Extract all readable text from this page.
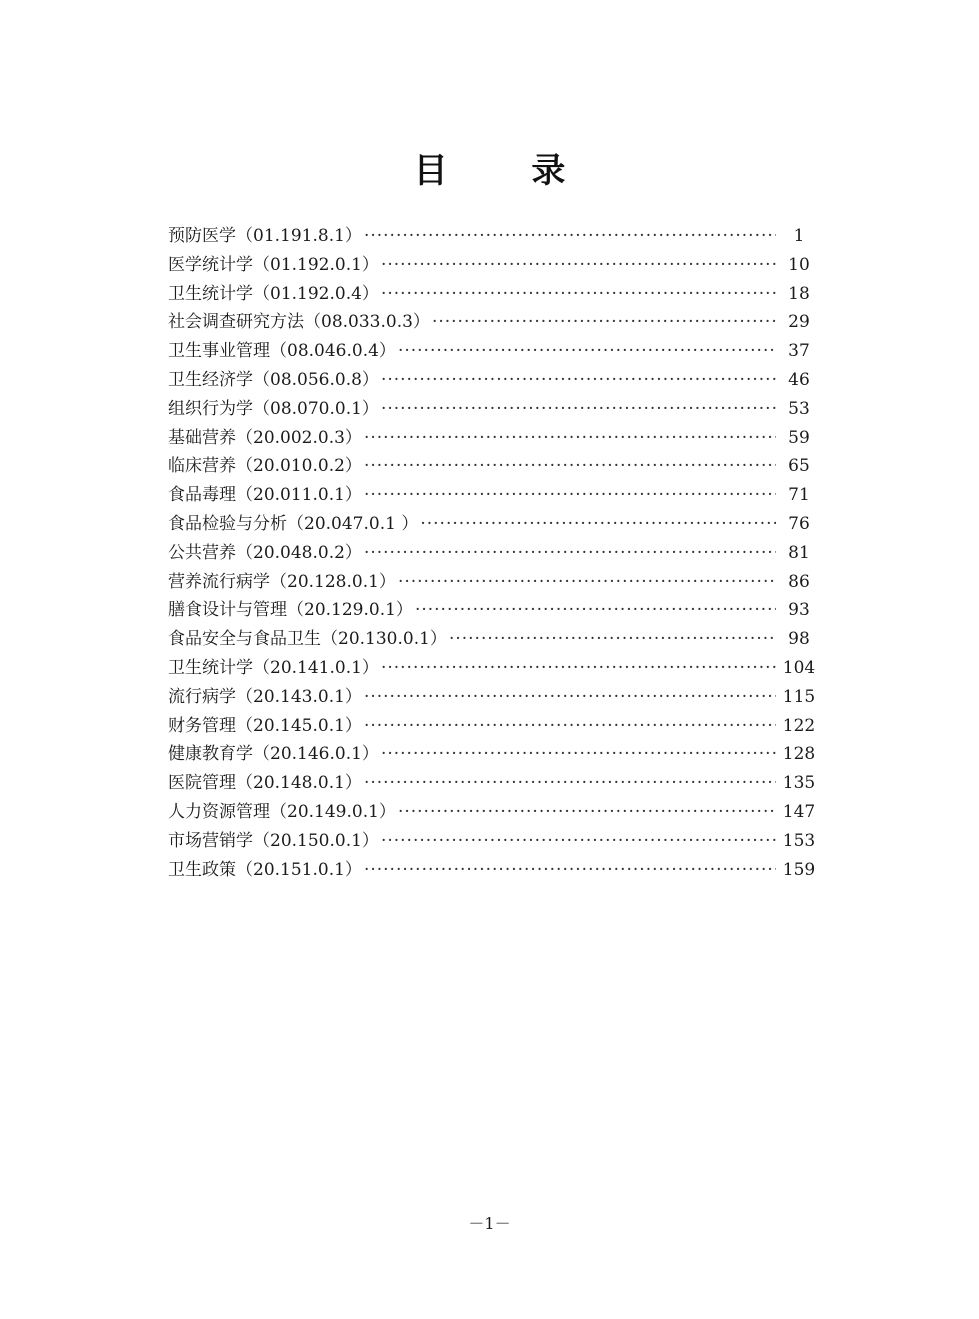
目 录
预防医学 （01.191.8.1） ·····	1
医学统计学 （01.192.0.1） ·····	10
卫生统计学 （01.192.0.4） ·····	18
社会调查研究方法 （08.033.0.3） ·····	29
卫生事业管理 （08.046.0.4） ·····	37
卫生经济学 （08.056.0.8） ·····	46
组织行为学 （08.070.0.1） ·····	53
基础营养 （20.002.0.3） ·····	59
临床营养 （20.010.0.2） ·····	65
食品毒理 （20.011.0.1） ·····	71
食品检验与分析 （20.047.0.1 ） ·····	76
公共营养 （20.048.0.2） ·····	81
营养流行病学 （20.128.0.1） ·····	86
膳食设计与管理 （20.129.0.1） ·····	93
食品安全与食品卫生 （20.130.0.1） ·····	98
卫生统计学 （20.141.0.1） ·····	104
流行病学 （20.143.0.1） ·····	115
财务管理 （20.145.0.1） ·····	122
健康教育学 （20.146.0.1） ·····	128
医院管理 （20.148.0.1） ·····	135
人力资源管理 （20.149.0.1） ·····	147
市场营销学 （20.150.0.1） ·····	153
卫生政策 （20.151.0.1） ·····	159
－1－
